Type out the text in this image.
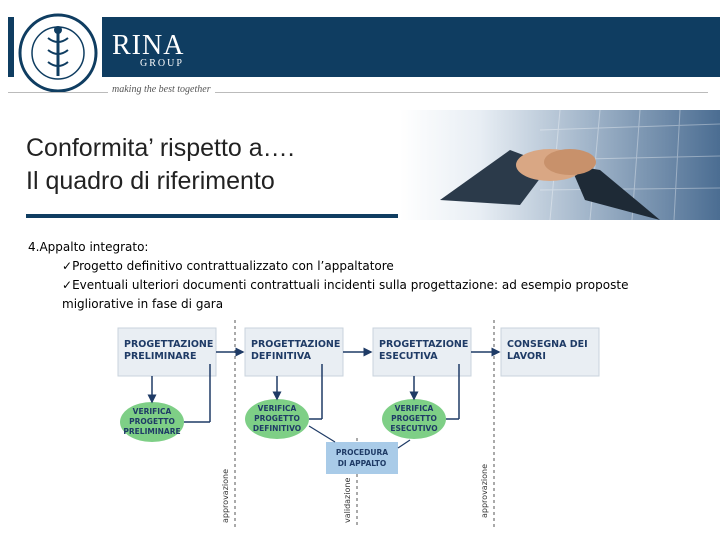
RINA
GROUP
making the best together
Conformita’ rispetto a….
Il quadro di riferimento
4.Appalto integrato:
✓Progetto definitivo contrattualizzato con l’appaltatore
✓Eventuali ulteriori documenti contrattuali incidenti sulla progettazione: ad esempio proposte migliorative in fase di gara
PROGETTAZIONE
PRELIMINARE
PROGETTAZIONE
DEFINITIVA
PROGETTAZIONE
ESECUTIVA
CONSEGNA DEI
LAVORI
VERIFICA
PROGETTO
PRELIMINARE
VERIFICA
PROGETTO
DEFINITIVO
VERIFICA
PROGETTO
ESECUTIVO
PROCEDURA
DI APPALTO
approvazione	validazione	approvazione
